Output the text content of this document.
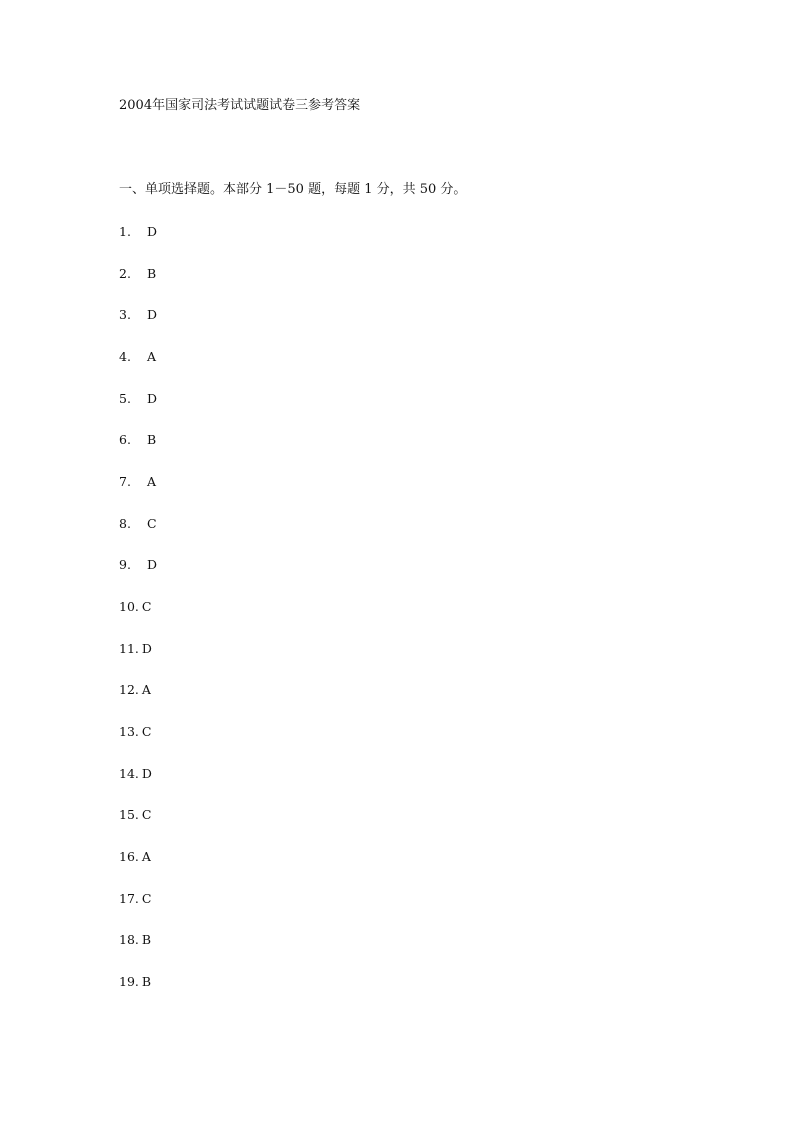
2004年国家司法考试试题试卷三参考答案
一、单项选择题。本部分 1－50 题，每题 1 分，共 50 分。
1.	D
2.	B
3.	D
4.	A
5.	D
6.	B
7.	A
8.	C
9.	D
10. C
11. D
12. A
13. C
14. D
15. C
16. A
17. C
18. B
19. B
